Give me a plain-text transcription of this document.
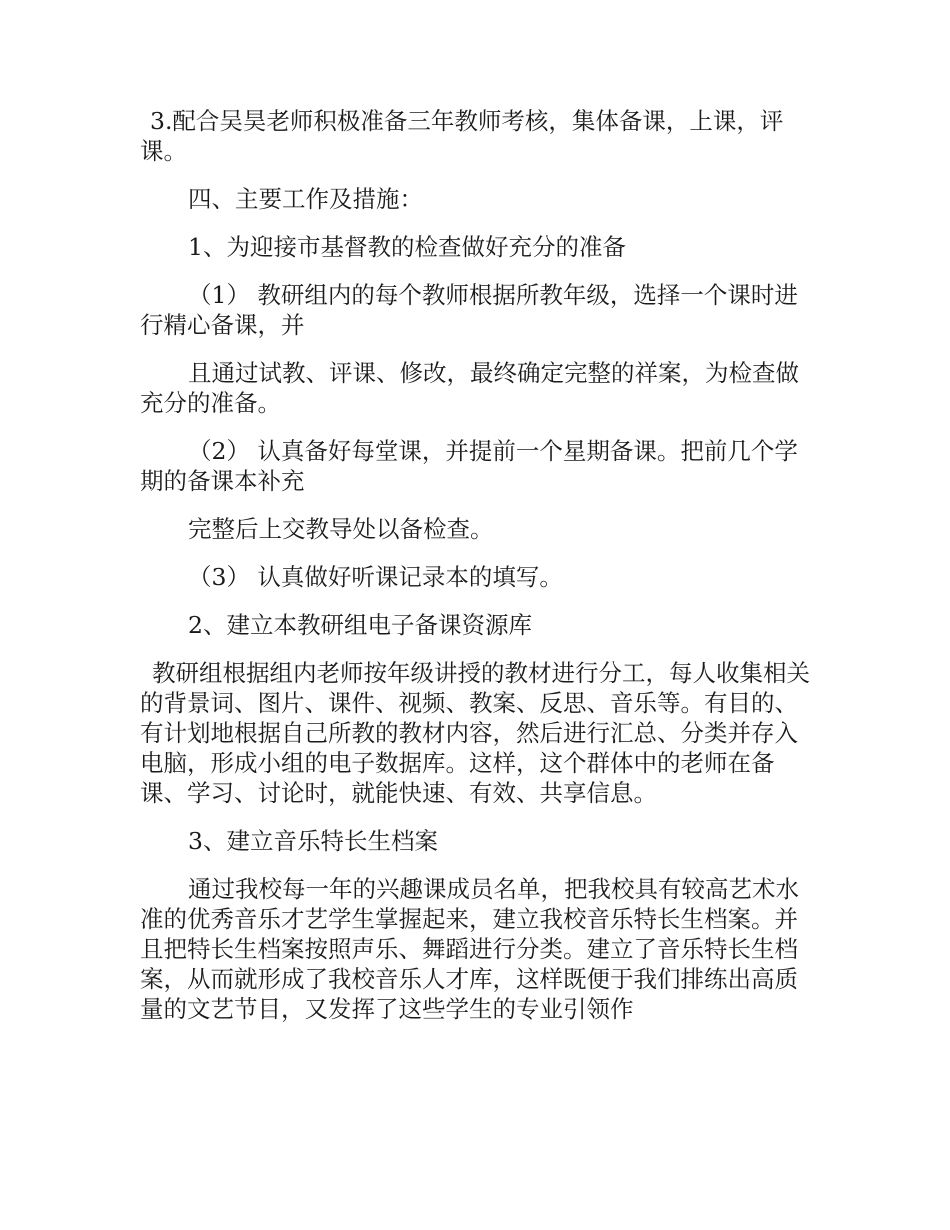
3.配合吴昊老师积极准备三年教师考核，集体备课，上课，评课。

四、主要工作及措施：

1、为迎接市基督教的检查做好充分的准备

（1） 教研组内的每个教师根据所教年级，选择一个课时进行精心备课，并

且通过试教、评课、修改，最终确定完整的祥案，为检查做充分的准备。

（2） 认真备好每堂课，并提前一个星期备课。把前几个学期的备课本补充

完整后上交教导处以备检查。

（3） 认真做好听课记录本的填写。

2、建立本教研组电子备课资源库

教研组根据组内老师按年级讲授的教材进行分工，每人收集相关的背景词、图片、课件、视频、教案、反思、音乐等。有目的、有计划地根据自己所教的教材内容，然后进行汇总、分类并存入电脑，形成小组的电子数据库。这样，这个群体中的老师在备课、学习、讨论时，就能快速、有效、共享信息。

3、建立音乐特长生档案

通过我校每一年的兴趣课成员名单，把我校具有较高艺术水准的优秀音乐才艺学生掌握起来，建立我校音乐特长生档案。并且把特长生档案按照声乐、舞蹈进行分类。建立了音乐特长生档案，从而就形成了我校音乐人才库，这样既便于我们排练出高质量的文艺节目，又发挥了这些学生的专业引领作
